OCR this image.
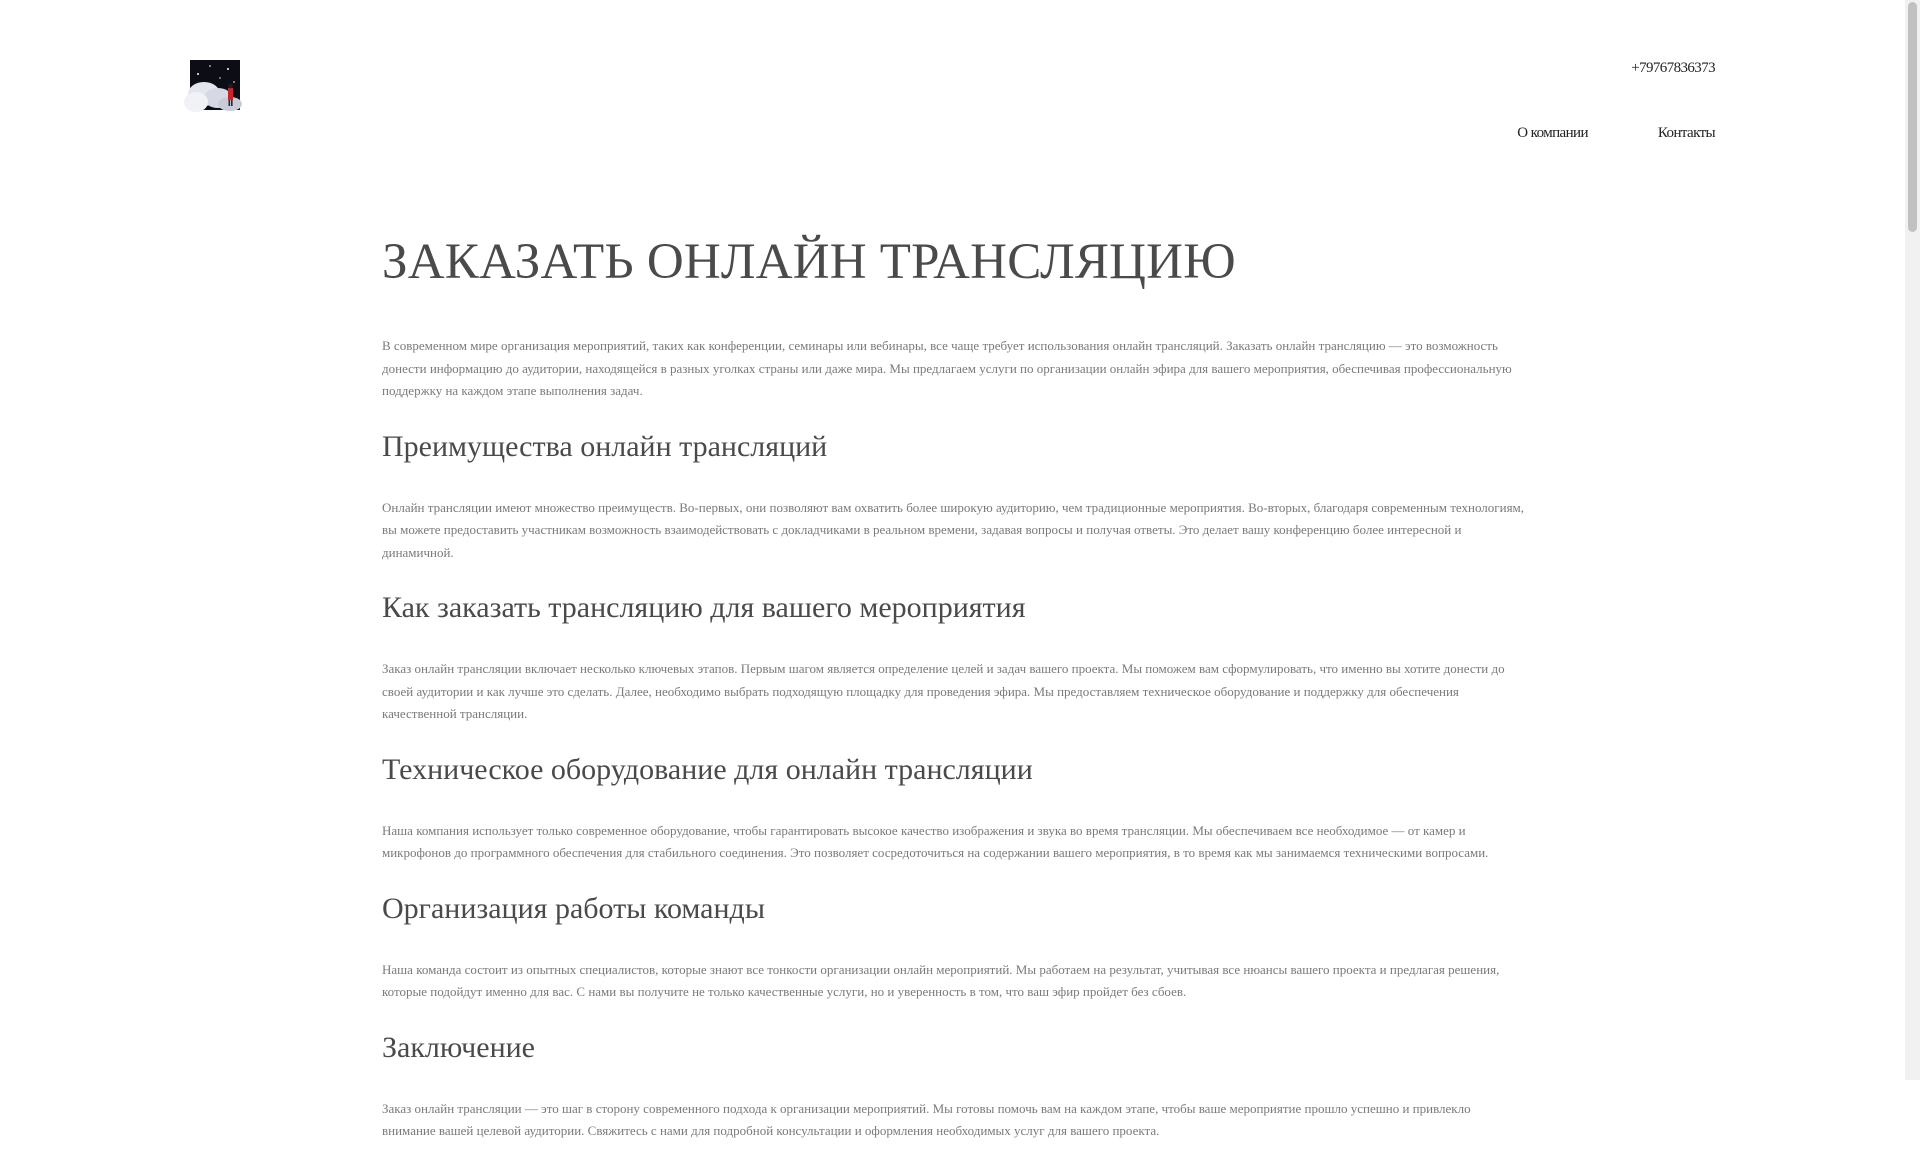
+79767836373
О компании	Контакты
ЗАКАЗАТЬ ОНЛАЙН ТРАНСЛЯЦИЮ

В современном мире организация мероприятий, таких как конференции, семинары или вебинары, все чаще требует использования онлайн трансляций. Заказать онлайн трансляцию — это возможность донести информацию до аудитории, находящейся в разных уголках страны или даже мира. Мы предлагаем услуги по организации онлайн эфира для вашего мероприятия, обеспечивая профессиональную поддержку на каждом этапе выполнения задач.

Преимущества онлайн трансляций

Онлайн трансляции имеют множество преимуществ. Во-первых, они позволяют вам охватить более широкую аудиторию, чем традиционные мероприятия. Во-вторых, благодаря современным технологиям, вы можете предоставить участникам возможность взаимодействовать с докладчиками в реальном времени, задавая вопросы и получая ответы. Это делает вашу конференцию более интересной и динамичной.

Как заказать трансляцию для вашего мероприятия

Заказ онлайн трансляции включает несколько ключевых этапов. Первым шагом является определение целей и задач вашего проекта. Мы поможем вам сформулировать, что именно вы хотите донести до своей аудитории и как лучше это сделать. Далее, необходимо выбрать подходящую площадку для проведения эфира. Мы предоставляем техническое оборудование и поддержку для обеспечения качественной трансляции.

Техническое оборудование для онлайн трансляции

Наша компания использует только современное оборудование, чтобы гарантировать высокое качество изображения и звука во время трансляции. Мы обеспечиваем все необходимое — от камер и микрофонов до программного обеспечения для стабильного соединения. Это позволяет сосредоточиться на содержании вашего мероприятия, в то время как мы занимаемся техническими вопросами.

Организация работы команды

Наша команда состоит из опытных специалистов, которые знают все тонкости организации онлайн мероприятий. Мы работаем на результат, учитывая все нюансы вашего проекта и предлагая решения, которые подойдут именно для вас. С нами вы получите не только качественные услуги, но и уверенность в том, что ваш эфир пройдет без сбоев.

Заключение

Заказ онлайн трансляции — это шаг в сторону современного подхода к организации мероприятий. Мы готовы помочь вам на каждом этапе, чтобы ваше мероприятие прошло успешно и привлекло внимание вашей целевой аудитории. Свяжитесь с нами для подробной консультации и оформления необходимых услуг для вашего проекта.
